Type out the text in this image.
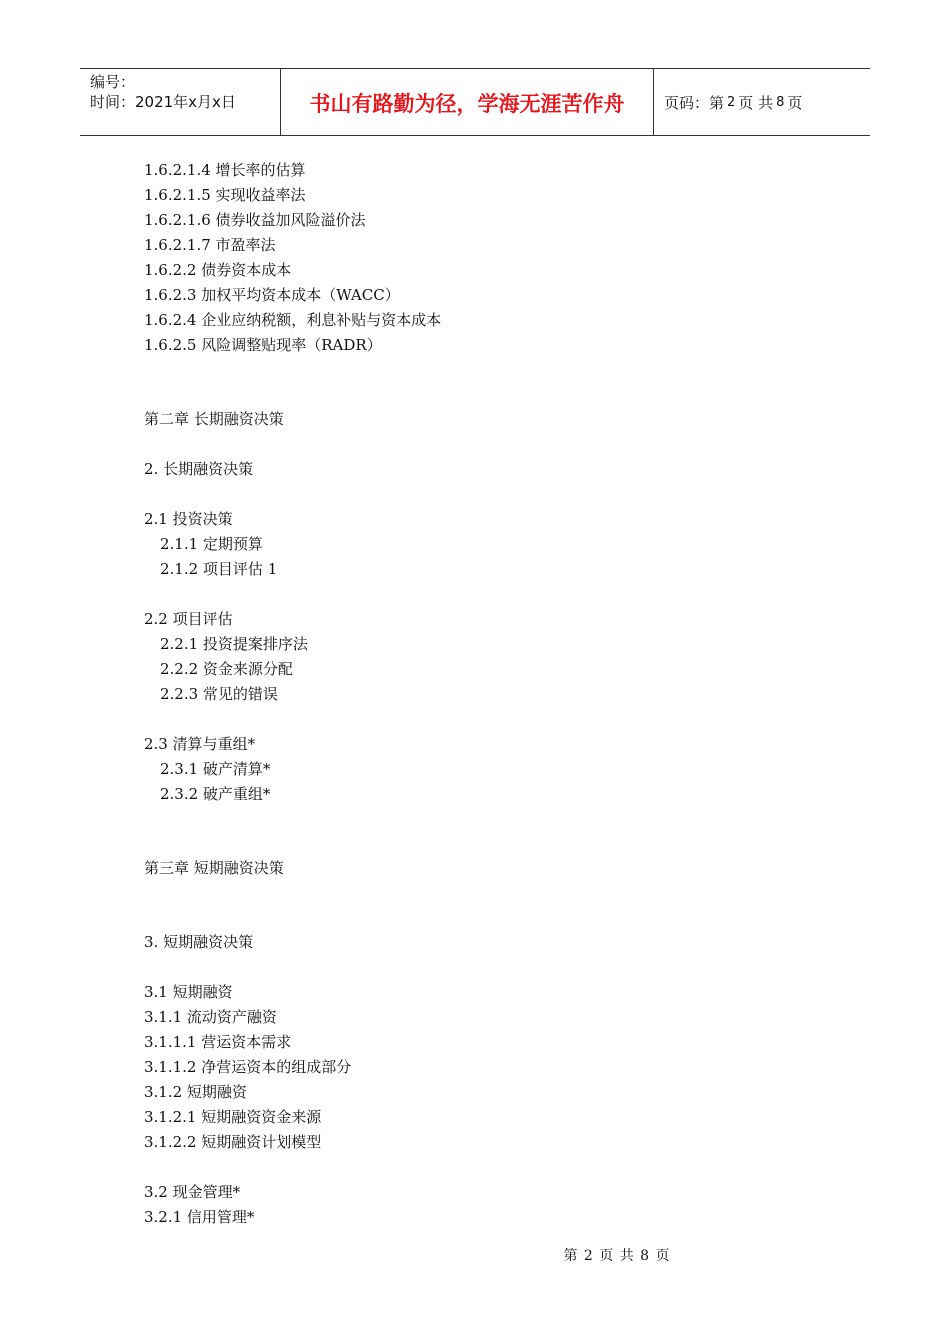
编号：
时间：2021年x月x日	书山有路勤为径，学海无涯苦作舟	页码：第 2 页 共 8 页
1.6.2.1.4 增长率的估算
1.6.2.1.5 实现收益率法
1.6.2.1.6 债券收益加风险溢价法
1.6.2.1.7 市盈率法
1.6.2.2 债券资本成本
1.6.2.3 加权平均资本成本（WACC）
1.6.2.4 企业应纳税额，利息补贴与资本成本
1.6.2.5 风险调整贴现率（RADR）
第二章 长期融资决策
2. 长期融资决策
2.1 投资决策
2.1.1 定期预算
2.1.2 项目评估 1
2.2 项目评估
2.2.1 投资提案排序法
2.2.2 资金来源分配
2.2.3 常见的错误
2.3 清算与重组*
2.3.1 破产清算*
2.3.2 破产重组*
第三章 短期融资决策
3. 短期融资决策
3.1 短期融资
3.1.1 流动资产融资
3.1.1.1 营运资本需求
3.1.1.2 净营运资本的组成部分
3.1.2 短期融资
3.1.2.1 短期融资资金来源
3.1.2.2 短期融资计划模型
3.2 现金管理*
3.2.1 信用管理*
第 2 页 共 8 页
